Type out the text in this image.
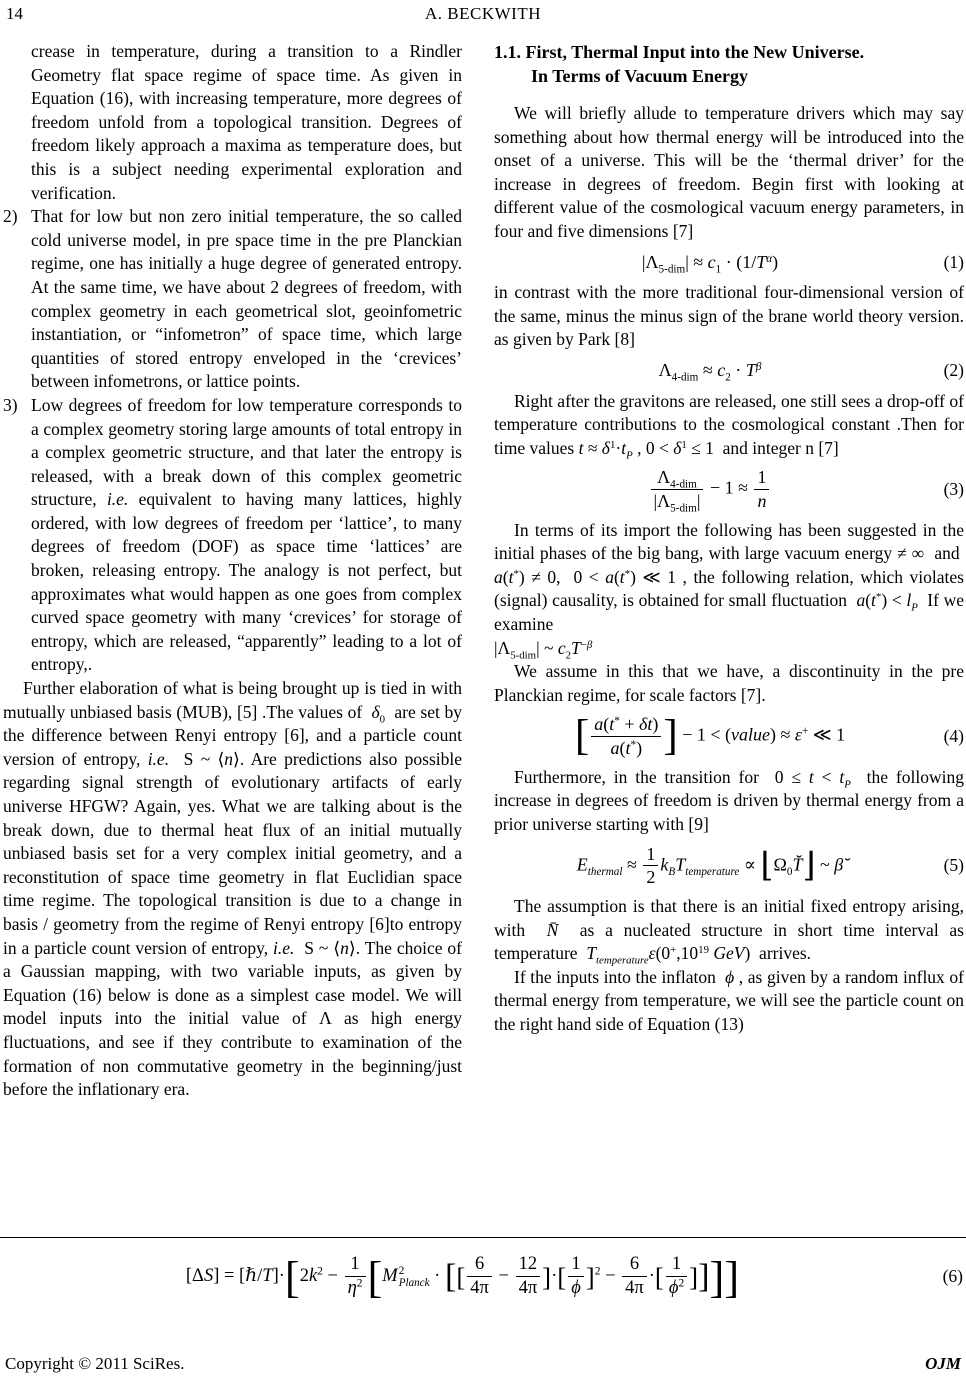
14	A. BECKWITH
crease in temperature, during a transition to a Rindler Geometry flat space regime of space time. As given in Equation (16), with increasing temperature, more degrees of freedom unfold from a topological transition. Degrees of freedom likely approach a maxima as temperature does, but this is a subject needing experimental exploration and verification.
2) That for low but non zero initial temperature, the so called cold universe model, in pre space time in the pre Planckian regime, one has initially a huge degree of generated entropy. At the same time, we have about 2 degrees of freedom, with complex geometry in each geometrical slot, geoinfometric instantiation, or “infometron” of space time, which large quantities of stored entropy enveloped in the ‘crevices’ between infometrons, or lattice points.
3) Low degrees of freedom for low temperature corresponds to a complex geometry storing large amounts of total entropy in a complex geometric structure, and that later the entropy is released, with a break down of this complex geometric structure, i.e. equivalent to having many lattices, highly ordered, with low degrees of freedom per ‘lattice’, to many degrees of freedom (DOF) as space time ‘lattices’ are broken, releasing entropy. The analogy is not perfect, but approximates what would happen as one goes from complex curved space geometry with many ‘crevices’ for storage of entropy, which are released, “apparently” leading to a lot of entropy,.
Further elaboration of what is being brought up is tied in with mutually unbiased basis (MUB), [5] .The values of  $\delta_0$  are set by the difference between Renyi entropy [6], and a particle count version of entropy, i.e.  S ~ ⟨n⟩. Are predictions also possible regarding signal strength of evolutionary artifacts of early universe HFGW? Again, yes. What we are talking about is the break down, due to thermal heat flux of an initial mutually unbiased basis set for a very complex initial geometry, and a reconstitution of space time geometry in flat Euclidian space time regime. The topological transition is due to a change in basis / geometry from the regime of Renyi entropy [6]to entropy in a particle count version of entropy, i.e.  S ~ ⟨n⟩. The choice of a Gaussian mapping, with two variable inputs, as given by Equation (16) below is done as a simplest case model. We will model inputs into the initial value of Λ as high energy fluctuations, and see if they contribute to examination of the formation of non commutative geometry in the beginning/just before the inflationary era.
1.1. First, Thermal Input into the New Universe.
In Terms of Vacuum Energy
We will briefly allude to temperature drivers which may say something about how thermal energy will be introduced into the onset of a universe. This will be the ‘thermal driver’ for the increase in degrees of freedom. Begin first with looking at different value of the cosmological vacuum energy parameters, in four and five dimensions [7]
$|\Lambda_{5-dim}| \approx c_1 \cdot (1/T^\alpha)$	(1)
in contrast with the more traditional four-dimensional version of the same, minus the minus sign of the brane world theory version. as given by Park [8]
$\Lambda_{4-dim} \approx c_2 \cdot T^\beta$	(2)
Right after the gravitons are released, one still sees a drop-off of temperature contributions to the cosmological constant .Then for time values $t \approx \delta^1\cdot t_P$ , $0 < \delta^1 \le 1$  and integer n [7]
$\Lambda_{4-dim}$
$|\Lambda_{5-dim}|$
− $1 \approx \frac{1}{n}$	(3)
In terms of its import the following has been suggested in the initial phases of the big bang, with large vacuum energy ≠ ∞  and  a(t*) ≠ 0,  0 < a(t*) ≪ 1 , the following relation, which violates (signal) causality, is obtained for small fluctuation  $a(t^*) < l_P$  If we examine
$|\Lambda_{5-dim}|$ ~ $c_2T^{-\beta}$
We assume in this that we have, a discontinuity in the pre Planckian regime, for scale factors [7].
[ $\frac{a(t^* + \delta t)}{a(t^*)}$ ] − 1 < (value) ≈ ε+ ≪ 1	(4)
Furthermore, in the transition for  $0 \le t < t_P$  the following increase in degrees of freedom is driven by thermal energy from a prior universe starting with [9]
$E_{thermal} \approx \frac{1}{2} k_BT_{temperature}$ ∝ $⌊\Omega_0T̆⌋$ ~ β̆	(5)
The assumption is that there is an initial fixed entropy arising, with  N̄  as a nucleated structure in short time interval as temperature  $T_{temperature}\varepsilon(0^+,10^{19}$ GeV)  arrives.
If the inputs into the inflaton  ϕ , as given by a random influx of thermal energy from temperature, we will see the particle count on the right hand side of Equation (13)
$[\Delta S] = [\hbar/T]\cdot[2k^2 - \frac{1}{\eta^2} [M$ 2
Planck · [[ $\frac{6}{4\pi} - \frac{12}{4\pi}$ ]·[ $\frac{1}{\phi} ]^2 - \frac{6}{4\pi}$ ·[ $\frac{1}{\phi^2}$ ]]]]	(6)
Copyright © 2011 SciRes.	OJM
